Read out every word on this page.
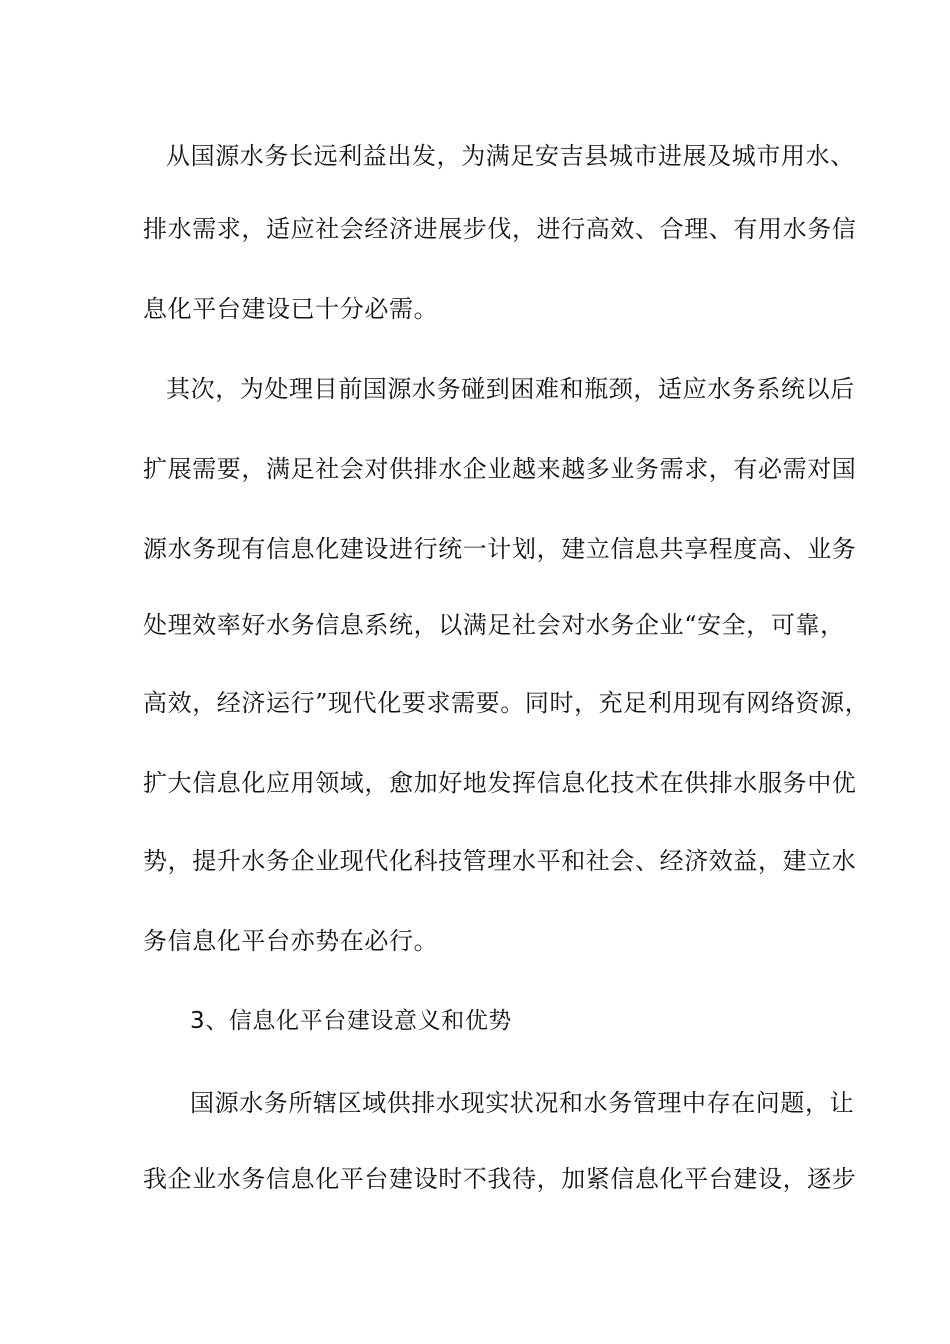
从国源水务长远利益出发，为满足安吉县城市进展及城市用水、
排水需求，适应社会经济进展步伐，进行高效、合理、有用水务信
息化平台建设已十分必需。
其次，为处理目前国源水务碰到困难和瓶颈，适应水务系统以后
扩展需要，满足社会对供排水企业越来越多业务需求，有必需对国
源水务现有信息化建设进行统一计划，建立信息共享程度高、业务
处理效率好水务信息系统，以满足社会对水务企业“安全，可靠，
高效，经济运行”现代化要求需要。同时，充足利用现有网络资源，
扩大信息化应用领域，愈加好地发挥信息化技术在供排水服务中优
势，提升水务企业现代化科技管理水平和社会、经济效益，建立水
务信息化平台亦势在必行。
3、信息化平台建设意义和优势
国源水务所辖区域供排水现实状况和水务管理中存在问题，让
我企业水务信息化平台建设时不我待，加紧信息化平台建设，逐步
